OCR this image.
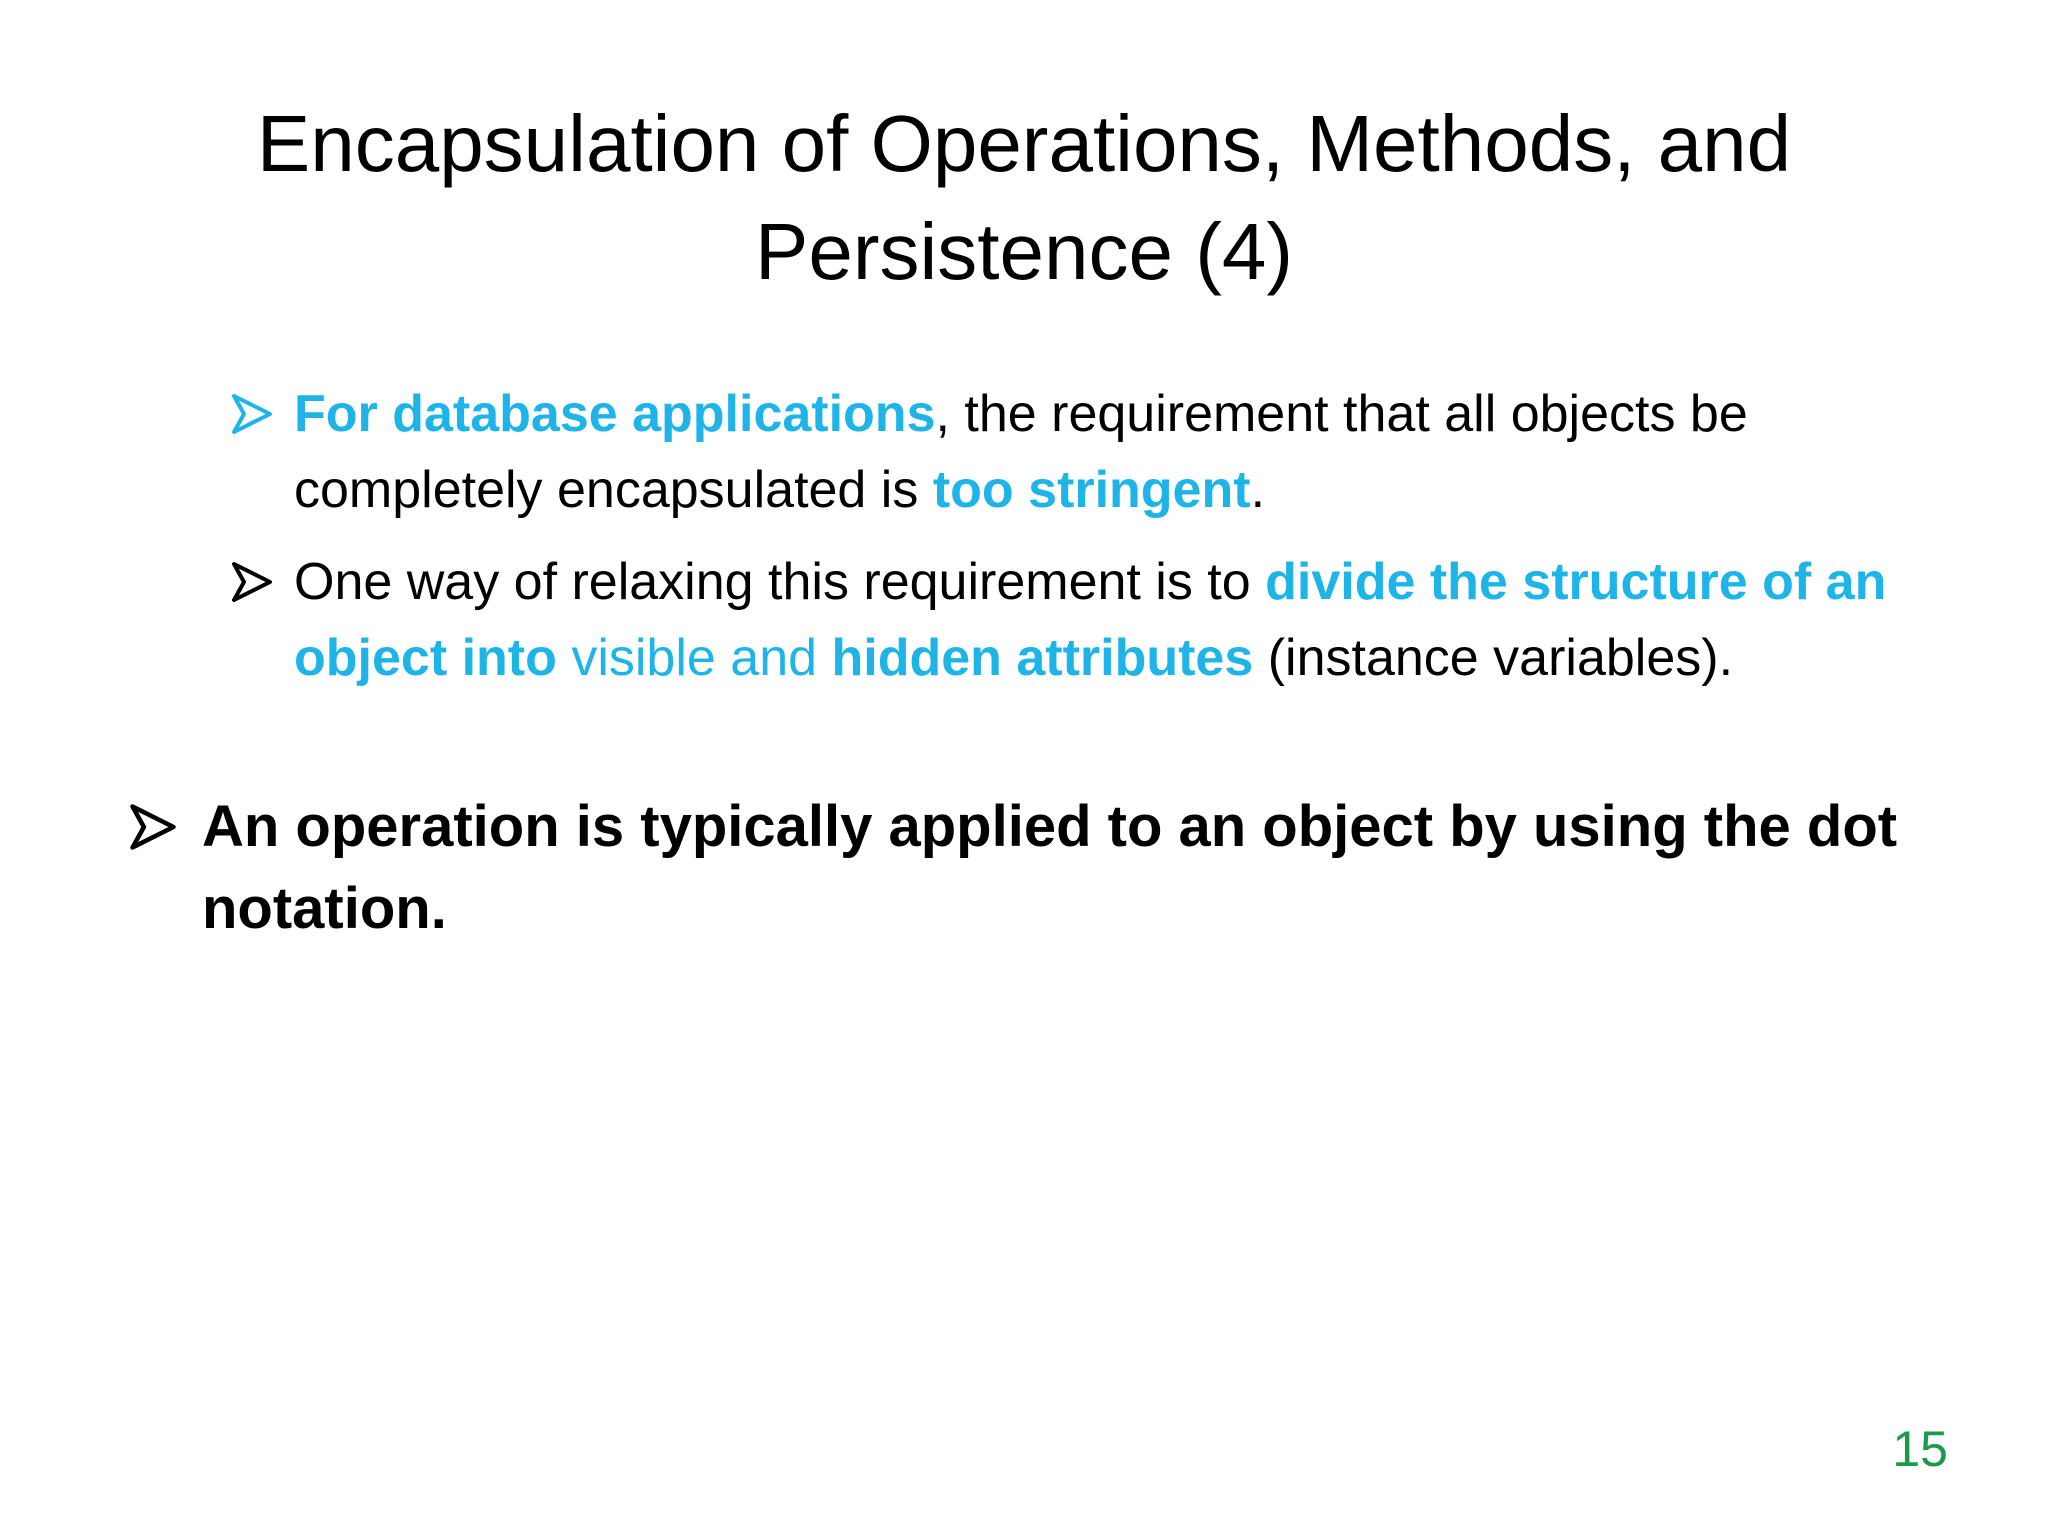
Encapsulation of Operations, Methods, and Persistence (4)
For database applications, the requirement that all objects be completely encapsulated is too stringent.
One way of relaxing this requirement is to divide the structure of an object into visible and hidden attributes (instance variables).
An operation is typically applied to an object by using the dot notation.
15
